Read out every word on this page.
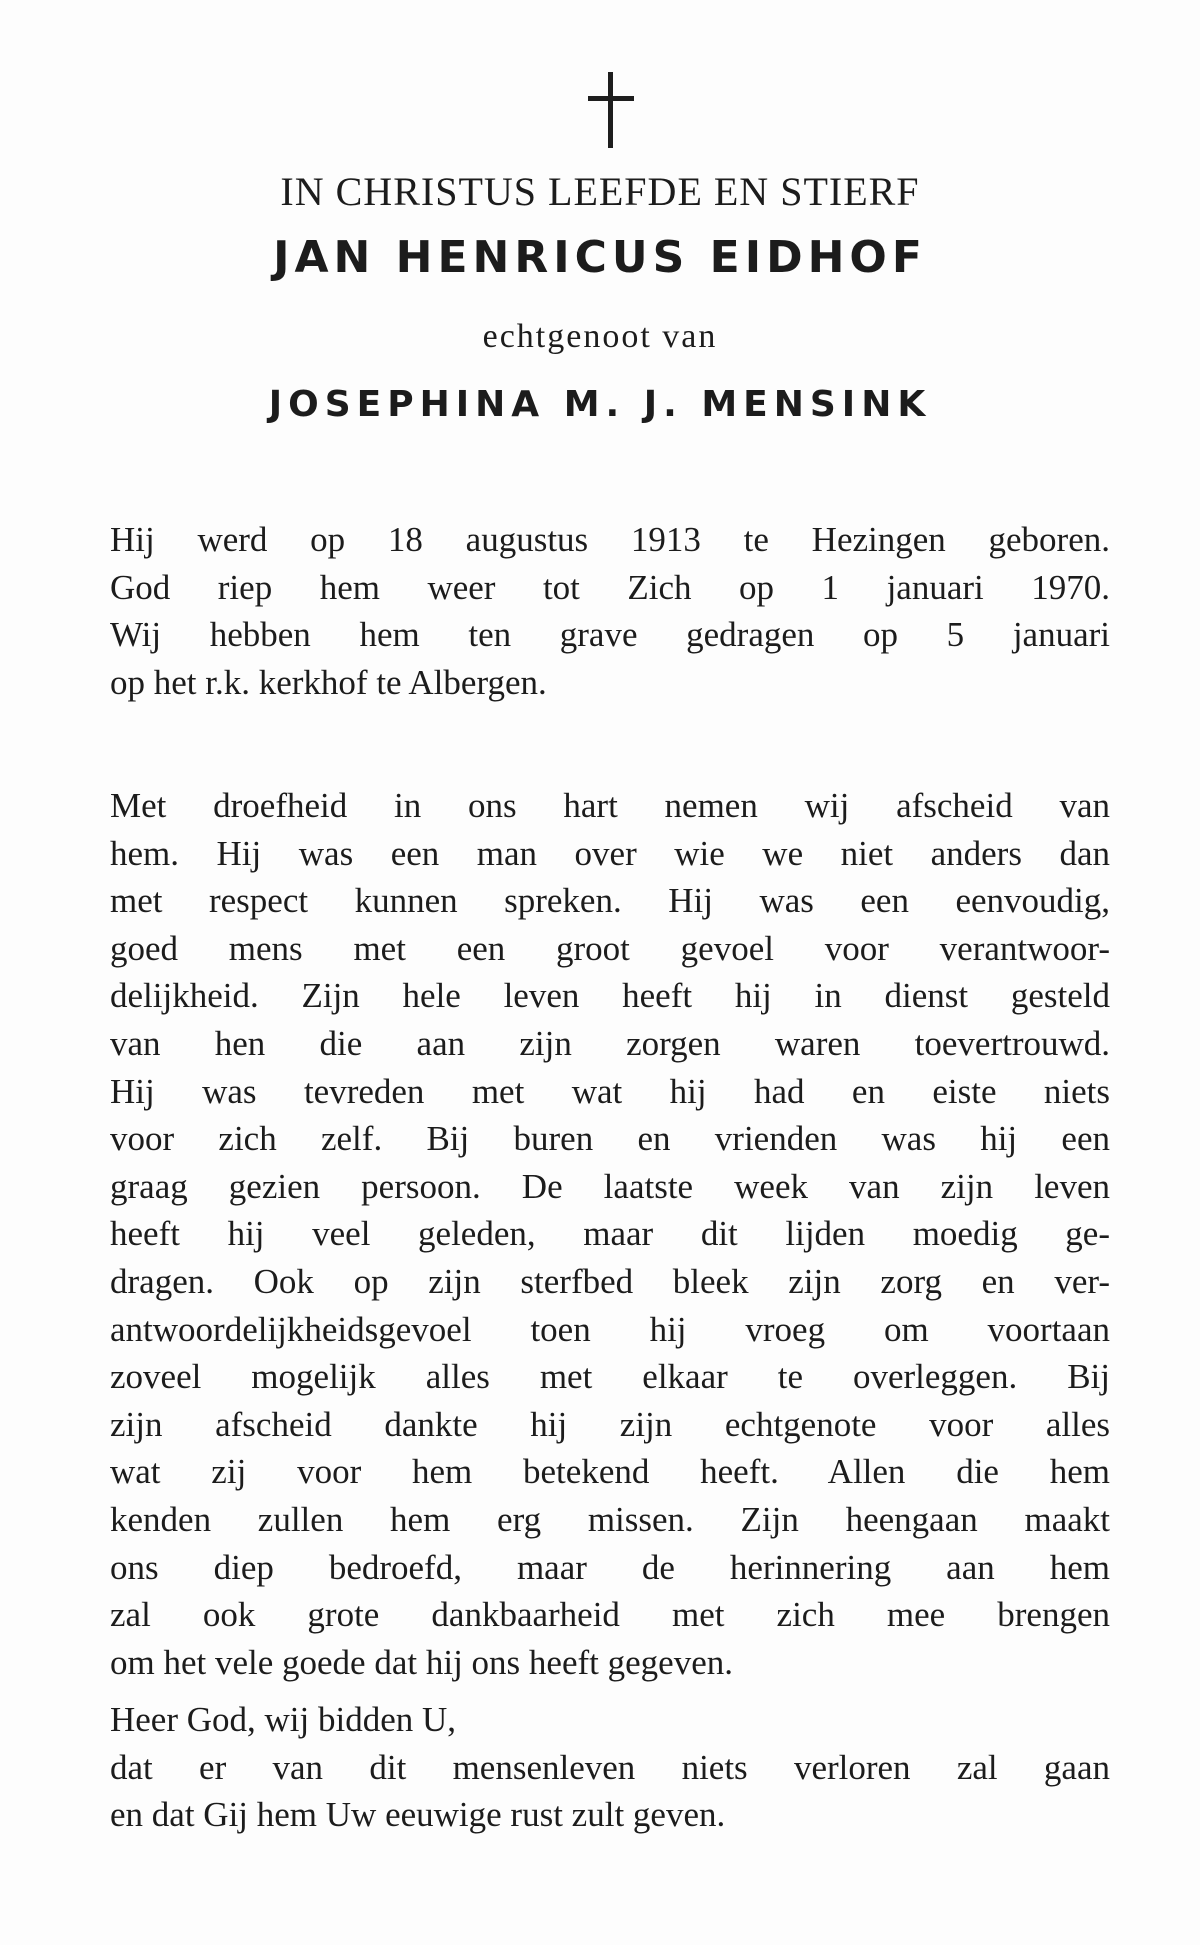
IN CHRISTUS LEEFDE EN STIERF
JAN HENRICUS EIDHOF
echtgenoot van
JOSEPHINA M. J. MENSINK
Hij werd op 18 augustus 1913 te Hezingen geboren.
God riep hem weer tot Zich op 1 januari 1970.
Wij hebben hem ten grave gedragen op 5 januari
op het r.k. kerkhof te Albergen.
Met droefheid in ons hart nemen wij afscheid van
hem. Hij was een man over wie we niet anders dan
met respect kunnen spreken. Hij was een eenvoudig,
goed mens met een groot gevoel voor verantwoor-
delijkheid. Zijn hele leven heeft hij in dienst gesteld
van hen die aan zijn zorgen waren toevertrouwd.
Hij was tevreden met wat hij had en eiste niets
voor zich zelf. Bij buren en vrienden was hij een
graag gezien persoon. De laatste week van zijn leven
heeft hij veel geleden, maar dit lijden moedig ge-
dragen. Ook op zijn sterfbed bleek zijn zorg en ver-
antwoordelijkheidsgevoel toen hij vroeg om voortaan
zoveel mogelijk alles met elkaar te overleggen. Bij
zijn afscheid dankte hij zijn echtgenote voor alles
wat zij voor hem betekend heeft. Allen die hem
kenden zullen hem erg missen. Zijn heengaan maakt
ons diep bedroefd, maar de herinnering aan hem
zal ook grote dankbaarheid met zich mee brengen
om het vele goede dat hij ons heeft gegeven.
Heer God, wij bidden U,
dat er van dit mensenleven niets verloren zal gaan
en dat Gij hem Uw eeuwige rust zult geven.
